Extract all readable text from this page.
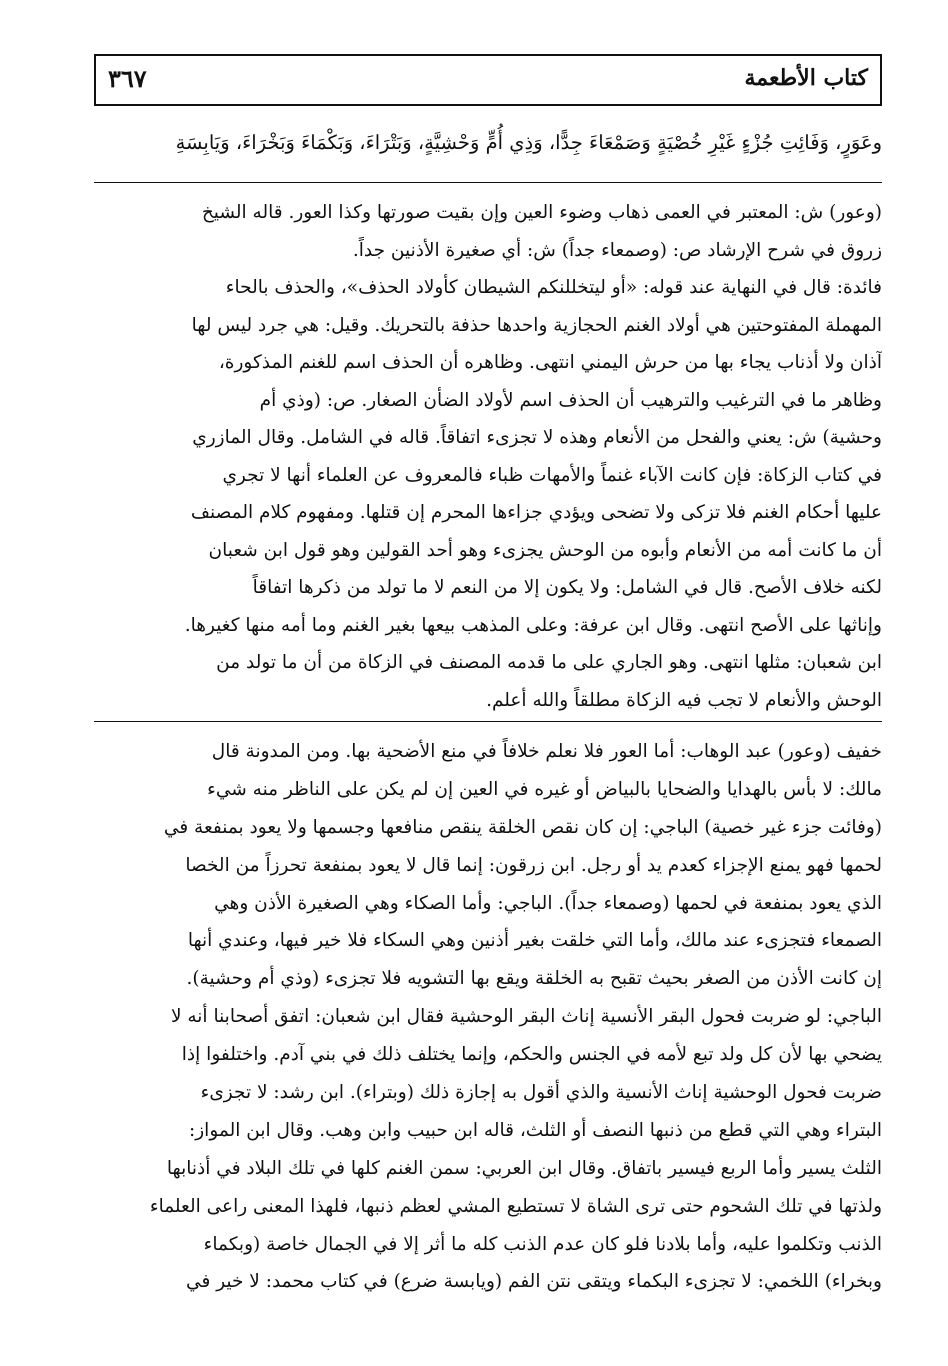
كتاب الأطعمة
٣٦٧
وعَوَرٍ، وَفَائِتِ جُزْءٍ غَيْرِ خُصْيَةٍ وَصَمْعَاءَ جِدًّا، وَذِي أُمٍّ وَحْشِيَّةٍ، وَبَتْرَاءَ، وَبَكْمَاءَ وَبَخْرَاءَ، وَيَابِسَةِ
(وعور) ش: المعتبر في العمى ذهاب وضوء العين وإن بقيت صورتها وكذا العور. قاله الشيخ
زروق في شرح الإرشاد ص: (وصمعاء جداً) ش: أي صغيرة الأذنين جداً.
فائدة: قال في النهاية عند قوله: «أو ليتخللنكم الشيطان كأولاد الحذف»، والحذف بالحاء
المهملة المفتوحتين هي أولاد الغنم الحجازية واحدها حذفة بالتحريك. وقيل: هي جرد ليس لها
آذان ولا أذناب يجاء بها من حرش اليمني انتهى. وظاهره أن الحذف اسم للغنم المذكورة،
وظاهر ما في الترغيب والترهيب أن الحذف اسم لأولاد الضأن الصغار. ص: (وذي أم
وحشية) ش: يعني والفحل من الأنعام وهذه لا تجزىء اتفاقاً. قاله في الشامل. وقال المازري
في كتاب الزكاة: فإن كانت الآباء غنماً والأمهات ظباء فالمعروف عن العلماء أنها لا تجري
عليها أحكام الغنم فلا تزكى ولا تضحى ويؤدي جزاءها المحرم إن قتلها. ومفهوم كلام المصنف
أن ما كانت أمه من الأنعام وأبوه من الوحش يجزىء وهو أحد القولين وهو قول ابن شعبان
لكنه خلاف الأصح. قال في الشامل: ولا يكون إلا من النعم لا ما تولد من ذكرها اتفاقاً
وإناثها على الأصح انتهى. وقال ابن عرفة: وعلى المذهب بيعها بغير الغنم وما أمه منها كغيرها.
ابن شعبان: مثلها انتهى. وهو الجاري على ما قدمه المصنف في الزكاة من أن ما تولد من
الوحش والأنعام لا تجب فيه الزكاة مطلقاً والله أعلم.
خفيف (وعور) عبد الوهاب: أما العور فلا نعلم خلافاً في منع الأضحية بها. ومن المدونة قال
مالك: لا بأس بالهدايا والضحايا بالبياض أو غيره في العين إن لم يكن على الناظر منه شيء
(وفائت جزء غير خصية) الباجي: إن كان نقص الخلقة ينقص منافعها وجسمها ولا يعود بمنفعة في
لحمها فهو يمنع الإجزاء كعدم يد أو رجل. ابن زرقون: إنما قال لا يعود بمنفعة تحرزاً من الخصا
الذي يعود بمنفعة في لحمها (وصمعاء جداً). الباجي: وأما الصكاء وهي الصغيرة الأذن وهي
الصمعاء فتجزىء عند مالك، وأما التي خلقت بغير أذنين وهي السكاء فلا خير فيها، وعندي أنها
إن كانت الأذن من الصغر بحيث تقبح به الخلقة ويقع بها التشويه فلا تجزىء (وذي أم وحشية).
الباجي: لو ضربت فحول البقر الأنسية إناث البقر الوحشية فقال ابن شعبان: اتفق أصحابنا أنه لا
يضحي بها لأن كل ولد تبع لأمه في الجنس والحكم، وإنما يختلف ذلك في بني آدم. واختلفوا إذا
ضربت فحول الوحشية إناث الأنسية والذي أقول به إجازة ذلك (وبتراء). ابن رشد: لا تجزىء
البتراء وهي التي قطع من ذنبها النصف أو الثلث، قاله ابن حبيب وابن وهب. وقال ابن المواز:
الثلث يسير وأما الربع فيسير باتفاق. وقال ابن العربي: سمن الغنم كلها في تلك البلاد في أذنابها
ولذتها في تلك الشحوم حتى ترى الشاة لا تستطيع المشي لعظم ذنبها، فلهذا المعنى راعى العلماء
الذنب وتكلموا عليه، وأما بلادنا فلو كان عدم الذنب كله ما أثر إلا في الجمال خاصة (وبكماء
وبخراء) اللخمي: لا تجزىء البكماء ويتقى نتن الفم (ويابسة ضرع) في كتاب محمد: لا خير في
